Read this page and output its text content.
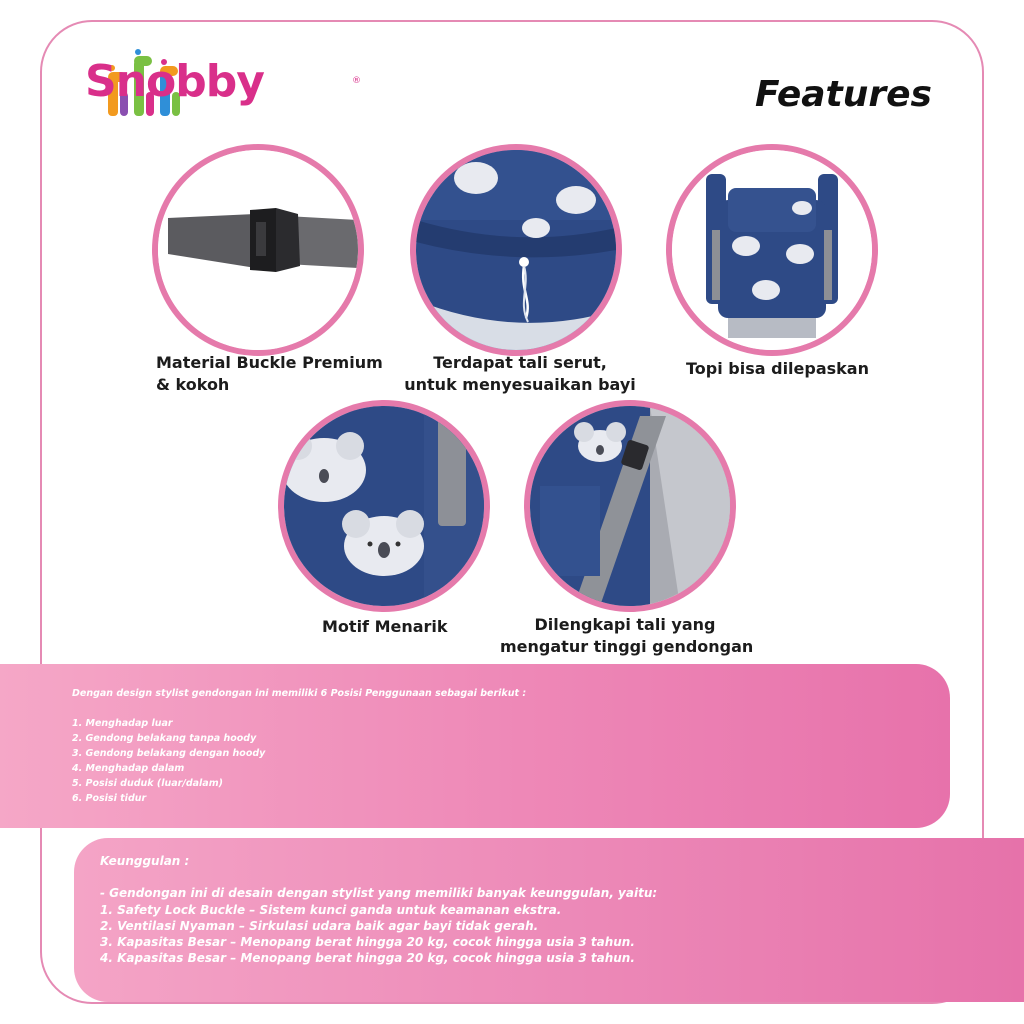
Snobby	®	Features
Material Buckle Premium
& kokoh
Terdapat tali serut,
untuk menyesuaikan bayi
Topi bisa dilepaskan
Motif Menarik	Dilengkapi tali yang
mengatur tinggi gendongan
Dengan design stylist gendongan ini memiliki 6 Posisi Penggunaan sebagai berikut :
1. Menghadap luar
2. Gendong belakang tanpa hoody
3. Gendong belakang dengan hoody
4. Menghadap dalam
5. Posisi duduk (luar/dalam)
6. Posisi tidur
Keunggulan :
- Gendongan ini di desain dengan stylist yang memiliki banyak keunggulan, yaitu:
1. Safety Lock Buckle – Sistem kunci ganda untuk keamanan ekstra.
2. Ventilasi Nyaman – Sirkulasi udara baik agar bayi tidak gerah.
3. Kapasitas Besar – Menopang berat hingga 20 kg, cocok hingga usia 3 tahun.
4. Kapasitas Besar – Menopang berat hingga 20 kg, cocok hingga usia 3 tahun.
